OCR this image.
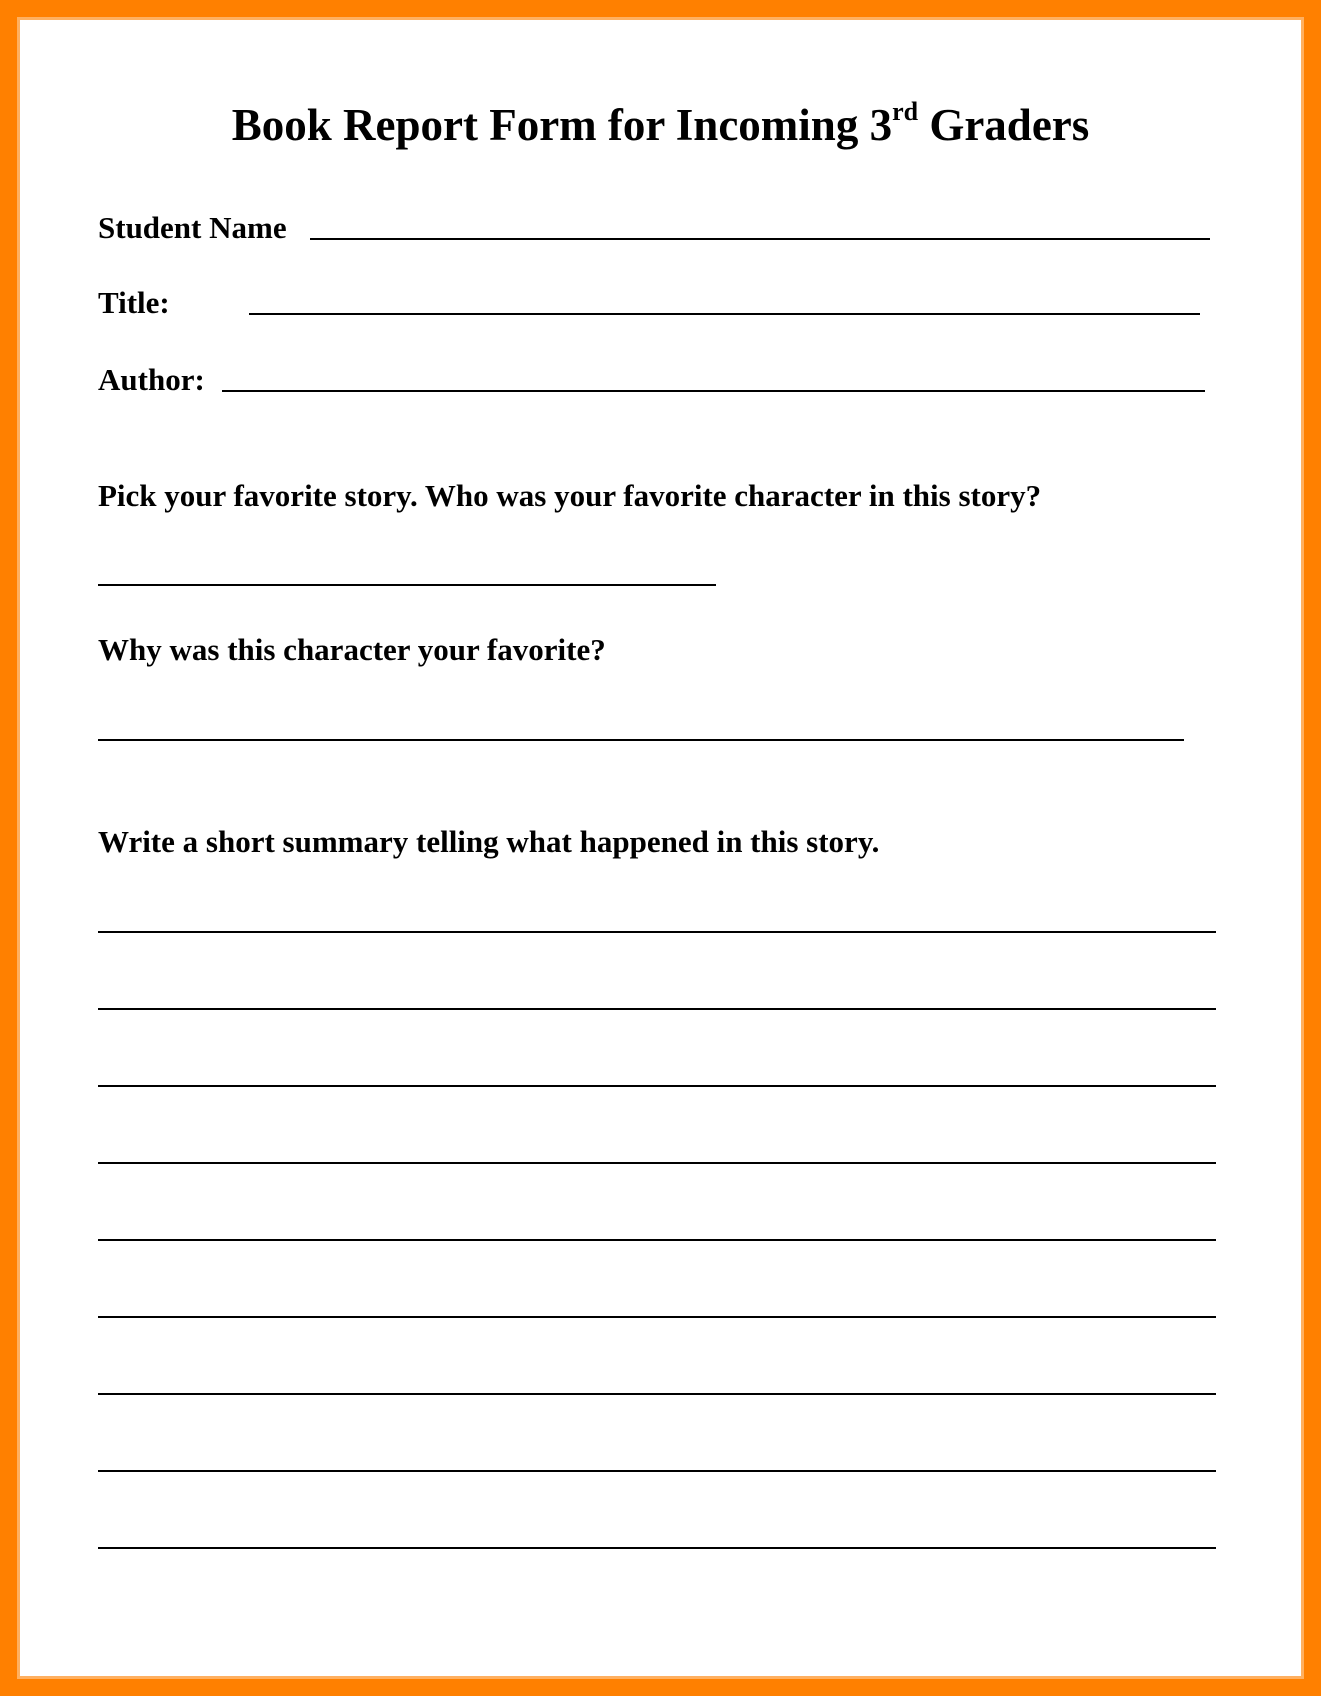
Book Report Form for Incoming 3rd Graders
Student Name
Title:
Author:
Pick your favorite story. Who was your favorite character in this story?
Why was this character your favorite?
Write a short summary telling what happened in this story.
